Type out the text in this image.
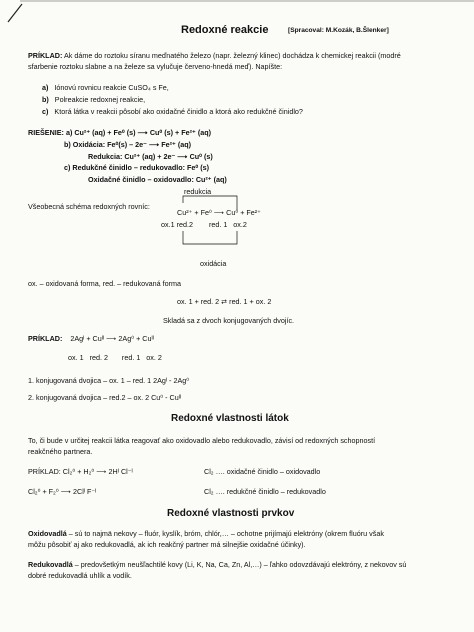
Redoxné reakcie	[Spracoval: M.Kozák, B.Šlenker]
PRÍKLAD: Ak dáme do roztoku síranu meďnatého železo (napr. železný klinec) dochádza k chemickej reakcii (modré
sfarbenie roztoku slabne a na železe sa vylučuje červeno-hnedá meď). Napíšte:
a) Iónovú rovnicu reakcie CuSO₄ s Fe,
b) Polreakcie redoxnej reakcie,
c) Ktorá látka v reakcii pôsobí ako oxidačné činidlo a ktorá ako redukčné činidlo?
RIEŠENIE: a) Cu²⁺ (aq) + Fe⁰ (s) ⟶ Cu⁰ (s) + Fe²⁺ (aq)
b) Oxidácia: Fe⁰(s) – 2e⁻ ⟶ Fe²⁺ (aq)
Redukcia: Cu²⁺ (aq) + 2e⁻ ⟶ Cu⁰ (s)
c) Redukčné činidlo – redukovadlo: Fe⁰ (s)
Oxidačné činidlo – oxidovadlo: Cu²⁺ (aq)
redukcia
Všeobecná schéma redoxných rovníc:
Cu²⁺ + Fe⁰ ⟶ Cu⁰ + Fe²⁺
ox.1 red.2        red. 1   ox.2
oxidácia
ox. – oxidovaná forma, red. – redukovaná forma
ox. 1 + red. 2 ⇄ red. 1 + ox. 2
Skladá sa z dvoch konjugovaných dvojíc.
PRÍKLAD: 2Agᴵ + Cuᴵᴵ ⟶ 2Ag⁰ + Cuᴵᴵ
ox. 1   red. 2       red. 1   ox. 2
1. konjugovaná dvojica – ox. 1 – red. 1 2Agᴵ - 2Ag⁰
2. konjugovaná dvojica – red.2 – ox. 2 Cu⁰ - Cuᴵᴵ
Redoxné vlastnosti látok
To, či bude v určitej reakcii látka reagovať ako oxidovadlo alebo redukovadlo, závisí od redoxných schopností
reakčného partnera.
PRÍKLAD: Cl₂⁰ + H₂⁰ ⟶ 2Hᴵ Cl⁻ᴵ	Cl₂ …. oxidačné činidlo – oxidovadlo
Cl₂⁰ + F₂⁰ ⟶ 2Clᴵ F⁻ᴵ	Cl₂ …. redukčné činidlo – redukovadlo
Redoxné vlastnosti prvkov
Oxidovadlá – sú to najmä nekovy – fluór, kyslík, bróm, chlór,… – ochotne prijímajú elektróny (okrem fluóru však
môžu pôsobiť aj ako redukovadlá, ak ich reakčný partner má silnejšie oxidačné účinky).
Redukovadlá – predovšetkým neušľachtilé kovy (Li, K, Na, Ca, Zn, Al,…) – ľahko odovzdávajú elektróny, z nekovov sú
dobré redukovadlá uhlík a vodík.
